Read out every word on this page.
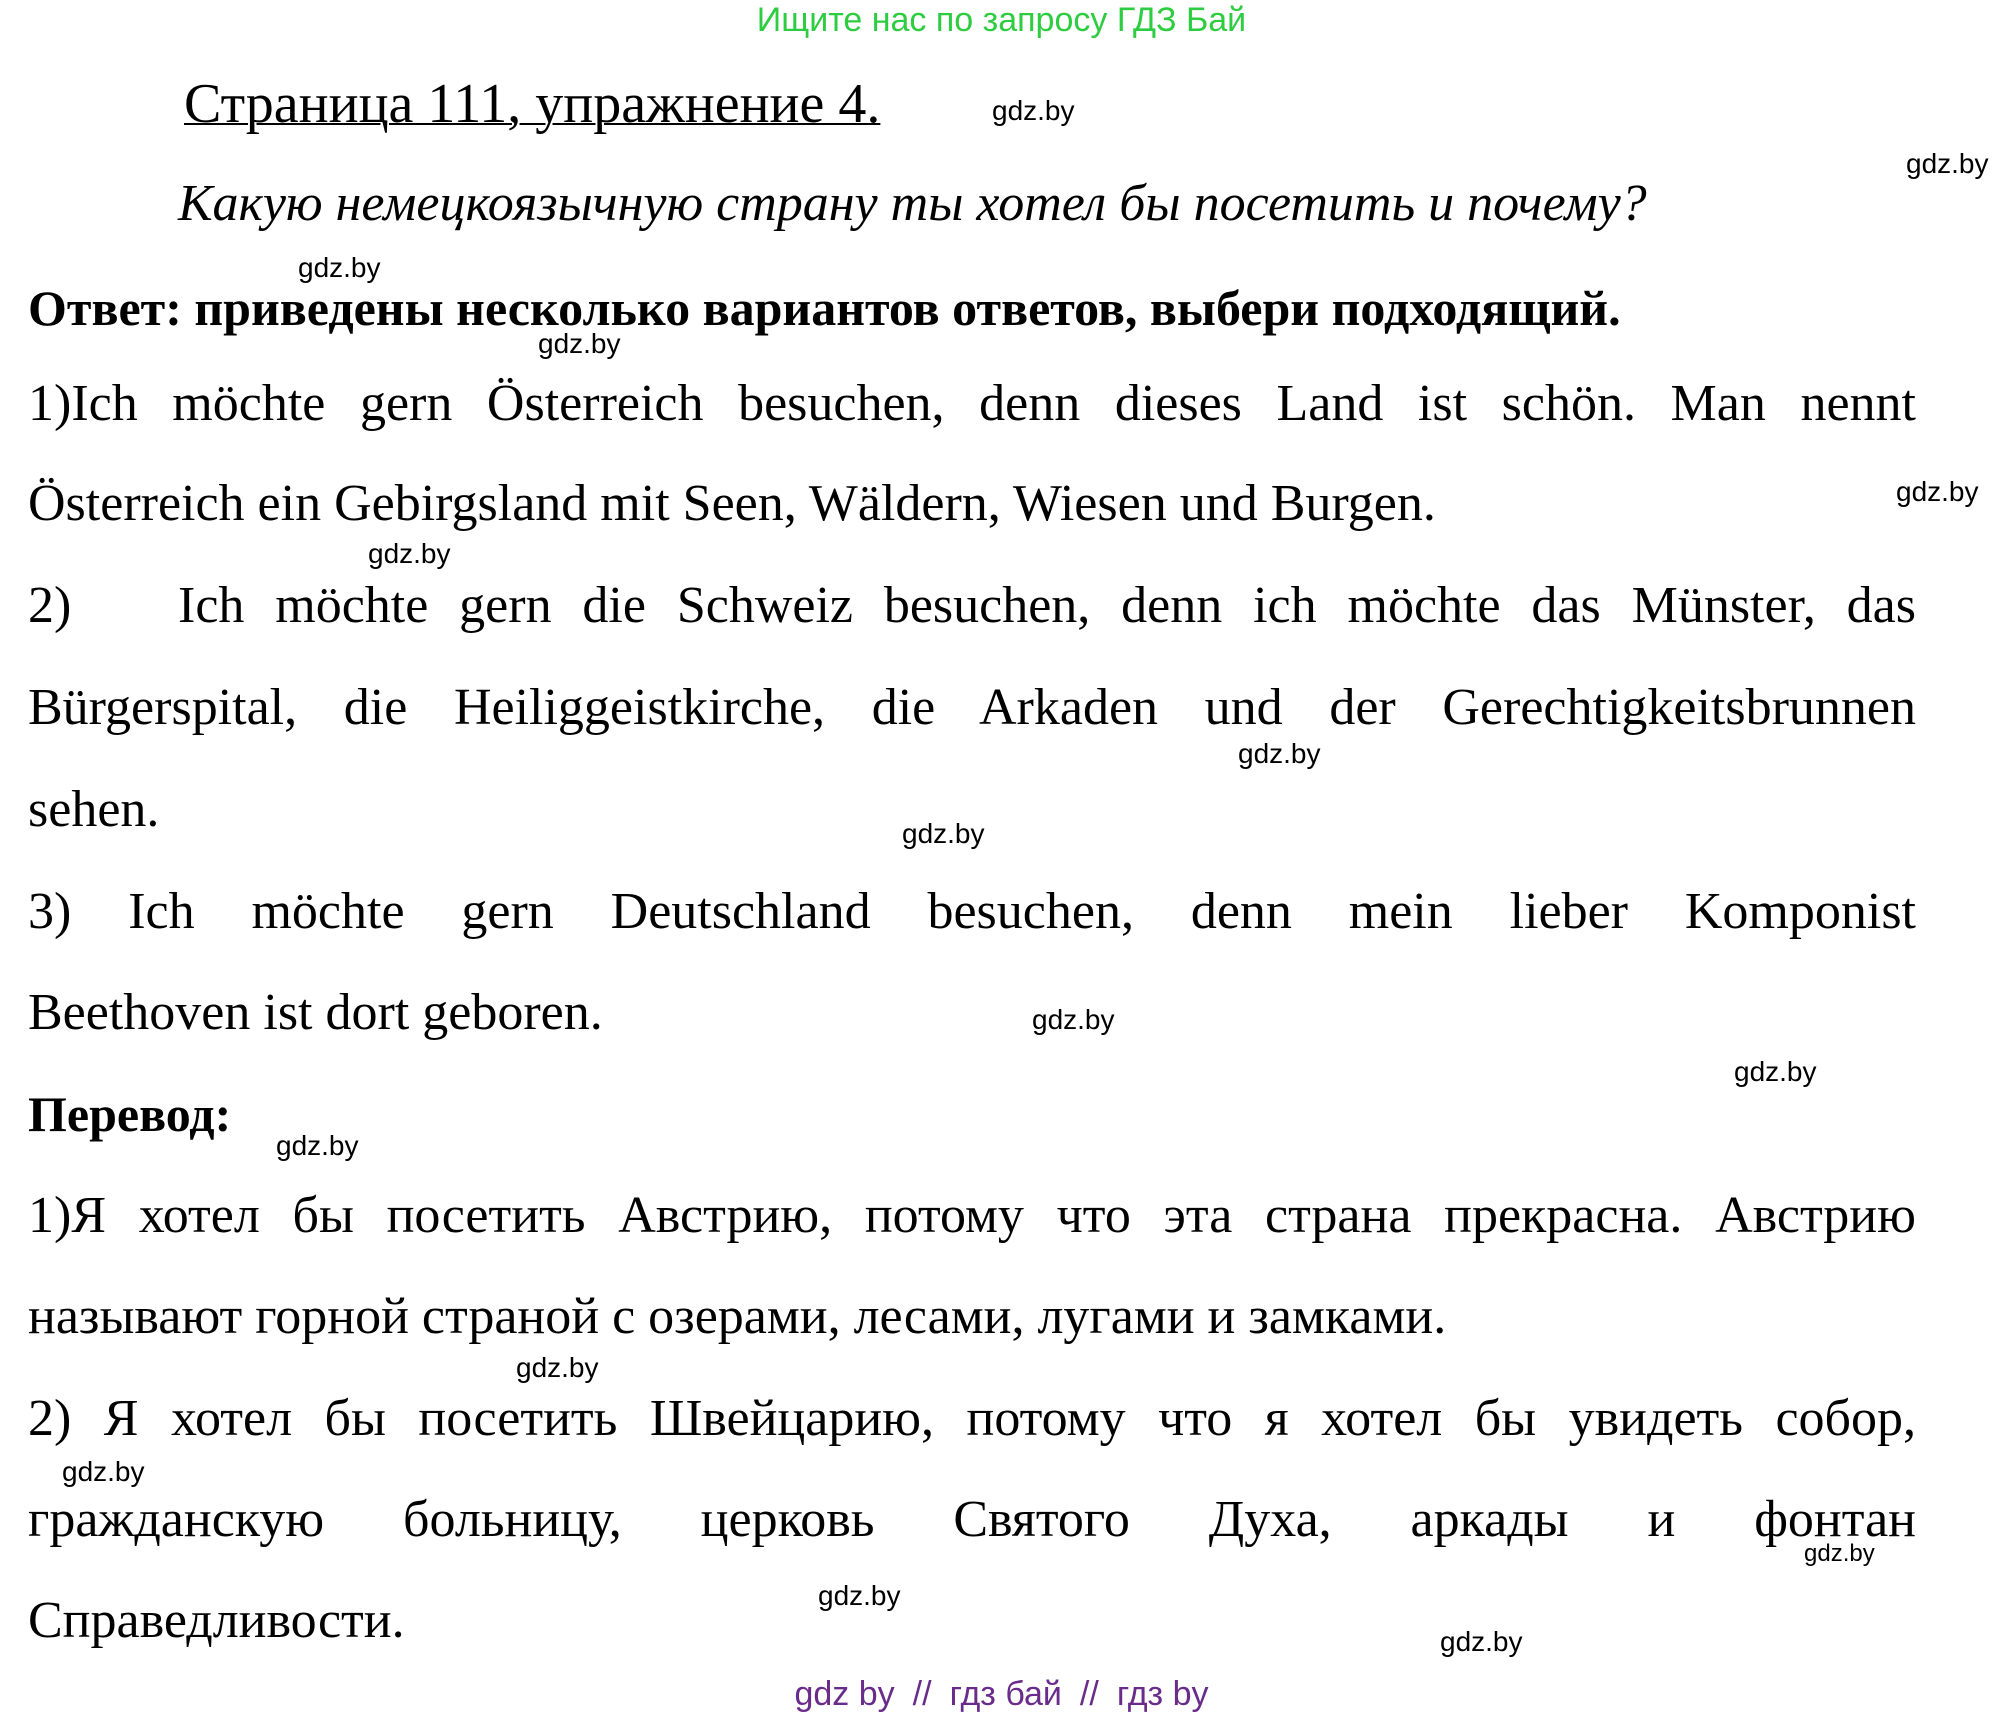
Ищите нас по запросу ГДЗ Бай
Страница 111, упражнение 4.
Какую немецкоязычную страну ты хотел бы посетить и почему?
Ответ: приведены несколько вариантов ответов, выбери подходящий.
1)Ich möchte gern Österreich besuchen, denn dieses Land ist schön. Man nennt
Österreich ein Gebirgsland mit Seen, Wäldern, Wiesen und Burgen.
2) Ich möchte gern die Schweiz besuchen, denn ich möchte das Münster, das
Bürgerspital, die Heiliggeistkirche, die Arkaden und der Gerechtigkeitsbrunnen
sehen.
3) Ich möchte gern Deutschland besuchen, denn mein lieber Komponist
Beethoven ist dort geboren.
Перевод:
1)Я хотел бы посетить Австрию, потому что эта страна прекрасна. Австрию
называют горной страной с озерами, лесами, лугами и замками.
2) Я хотел бы посетить Швейцарию, потому что я хотел бы увидеть собор,
гражданскую больницу, церковь Святого Духа, аркады и фонтан
Справедливости.
gdz.by
gdz.by
gdz.by
gdz.by
gdz.by
gdz.by
gdz.by
gdz.by
gdz.by
gdz.by
gdz.by
gdz.by
gdz.by
gdz.by
gdz.by
gdz.by
gdz by // гдз бай // гдз by
